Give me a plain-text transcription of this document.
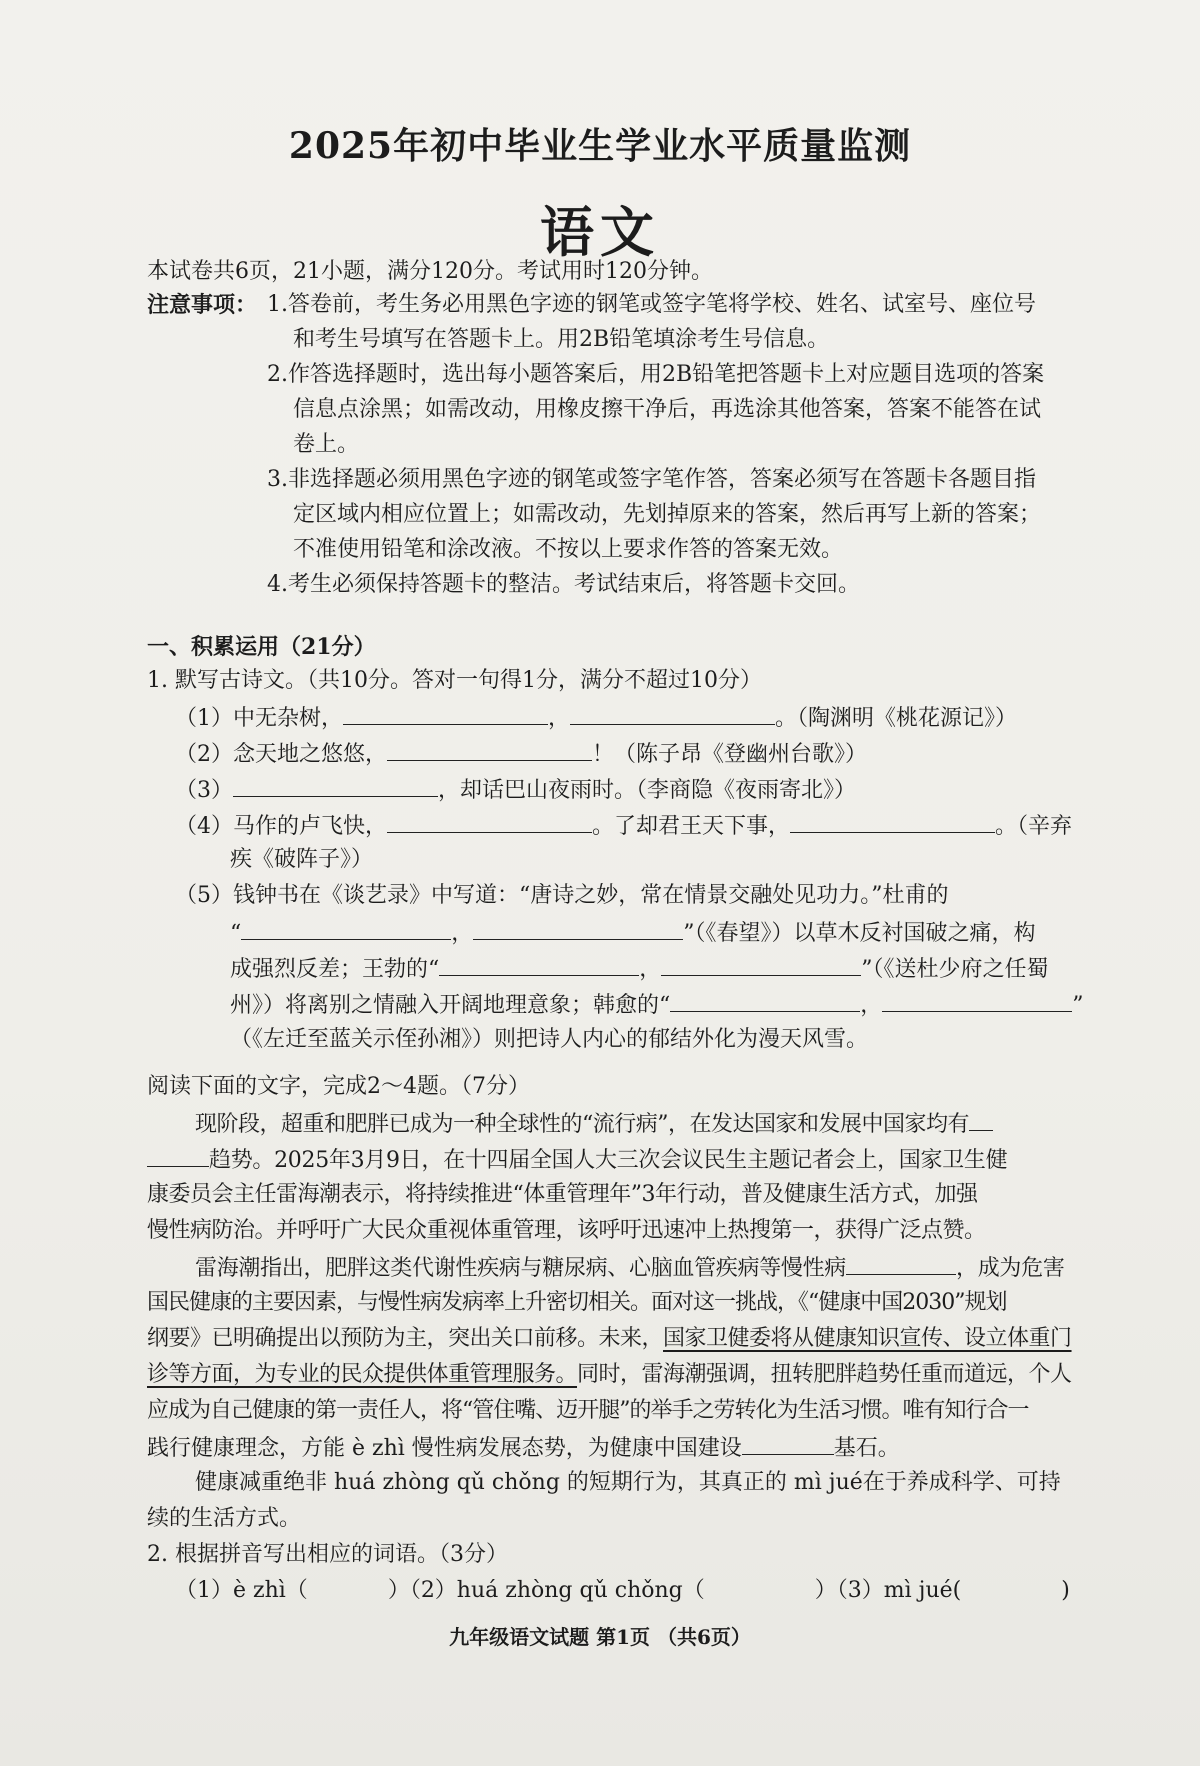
2025年初中毕业生学业水平质量监测
语文
本试卷共6页，21小题，满分120分。考试用时120分钟。
注意事项： 1.答卷前，考生务必用黑色字迹的钢笔或签字笔将学校、姓名、试室号、座位号
和考生号填写在答题卡上。用2B铅笔填涂考生号信息。
2.作答选择题时，选出每小题答案后，用2B铅笔把答题卡上对应题目选项的答案
信息点涂黑；如需改动，用橡皮擦干净后，再选涂其他答案，答案不能答在试
卷上。
3.非选择题必须用黑色字迹的钢笔或签字笔作答，答案必须写在答题卡各题目指
定区域内相应位置上；如需改动，先划掉原来的答案，然后再写上新的答案；
不准使用铅笔和涂改液。不按以上要求作答的答案无效。
4.考生必须保持答题卡的整洁。考试结束后，将答题卡交回。
一、积累运用（21分）
1. 默写古诗文。（共10分。答对一句得1分，满分不超过10分）
（1）中无杂树，	，	。（陶渊明《桃花源记》）
（2）念天地之悠悠，	！（陈子昂《登幽州台歌》）
（3）	，却话巴山夜雨时。（李商隐《夜雨寄北》）
（4）马作的卢飞快，	。了却君王天下事，	。（辛弃
疾《破阵子》）
（5）钱钟书在《谈艺录》中写道：“唐诗之妙，常在情景交融处见功力。”杜甫的
“	，	”（《春望》）以草木反衬国破之痛，构
成强烈反差；王勃的“	，	”（《送杜少府之任蜀
州》）将离别之情融入开阔地理意象；韩愈的“	，	”
（《左迁至蓝关示侄孙湘》）则把诗人内心的郁结外化为漫天风雪。
阅读下面的文字，完成2～4题。（7分）
现阶段，超重和肥胖已成为一种全球性的“流行病”，在发达国家和发展中国家均有
趋势。2025年3月9日，在十四届全国人大三次会议民生主题记者会上，国家卫生健
康委员会主任雷海潮表示，将持续推进“体重管理年”3年行动，普及健康生活方式，加强
慢性病防治。并呼吁广大民众重视体重管理，该呼吁迅速冲上热搜第一，获得广泛点赞。
雷海潮指出，肥胖这类代谢性疾病与糖尿病、心脑血管疾病等慢性病	，成为危害
国民健康的主要因素，与慢性病发病率上升密切相关。面对这一挑战，《“健康中国2030”规划
纲要》已明确提出以预防为主，突出关口前移。未来，国家卫健委将从健康知识宣传、设立体重门
诊等方面，为专业的民众提供体重管理服务。同时，雷海潮强调，扭转肥胖趋势任重而道远，个人
应成为自己健康的第一责任人，将“管住嘴、迈开腿”的举手之劳转化为生活习惯。唯有知行合一
践行健康理念，方能 è zhì 慢性病发展态势，为健康中国建设	基石。
健康减重绝非 huá zhòng qǔ chǒng 的短期行为，其真正的 mì jué在于养成科学、可持
续的生活方式。
2. 根据拼音写出相应的词语。（3分）
（1）è zhì（	）（2）huá zhòng qǔ chǒng（	）（3）mì jué(	)
九年级语文试题 第1页 （共6页）
